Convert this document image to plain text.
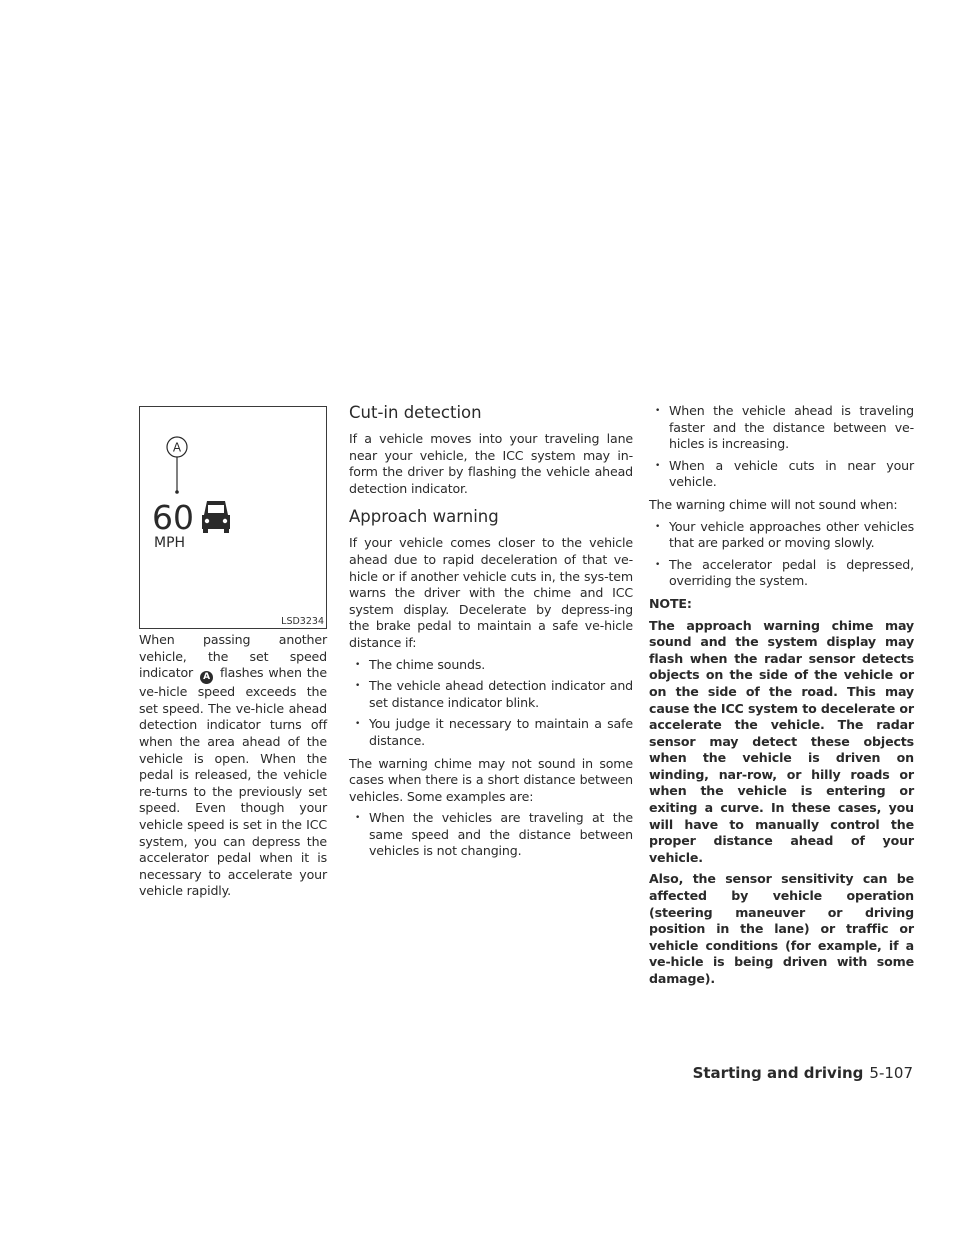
A
60
MPH
LSD3234

When passing another vehicle, the set speed indicator A flashes when the ve-hicle speed exceeds the set speed. The ve-hicle ahead detection indicator turns off when the area ahead of the vehicle is open. When the pedal is released, the vehicle re-turns to the previously set speed. Even though your vehicle speed is set in the ICC system, you can depress the accelerator pedal when it is necessary to accelerate your vehicle rapidly.

Cut-in detection

If a vehicle moves into your traveling lane near your vehicle, the ICC system may in-form the driver by flashing the vehicle ahead detection indicator.

Approach warning

If your vehicle comes closer to the vehicle ahead due to rapid deceleration of that ve-hicle or if another vehicle cuts in, the sys-tem warns the driver with the chime and ICC system display. Decelerate by depress-ing the brake pedal to maintain a safe ve-hicle distance if:

• The chime sounds.
• The vehicle ahead detection indicator and set distance indicator blink.
• You judge it necessary to maintain a safe distance.

The warning chime may not sound in some cases when there is a short distance between vehicles. Some examples are:

• When the vehicles are traveling at the same speed and the distance between vehicles is not changing.
• When the vehicle ahead is traveling faster and the distance between ve-hicles is increasing.
• When a vehicle cuts in near your vehicle.

The warning chime will not sound when:

• Your vehicle approaches other vehicles that are parked or moving slowly.
• The accelerator pedal is depressed, overriding the system.

NOTE:

The approach warning chime may sound and the system display may flash when the radar sensor detects objects on the side of the vehicle or on the side of the road. This may cause the ICC system to decelerate or accelerate the vehicle. The radar sensor may detect these objects when the vehicle is driven on winding, nar-row, or hilly roads or when the vehicle is entering or exiting a curve. In these cases, you will have to manually control the proper distance ahead of your vehicle.

Also, the sensor sensitivity can be affected by vehicle operation (steering maneuver or driving position in the lane) or traffic or vehicle conditions (for example, if a ve-hicle is being driven with some damage).

Starting and driving 5-107
